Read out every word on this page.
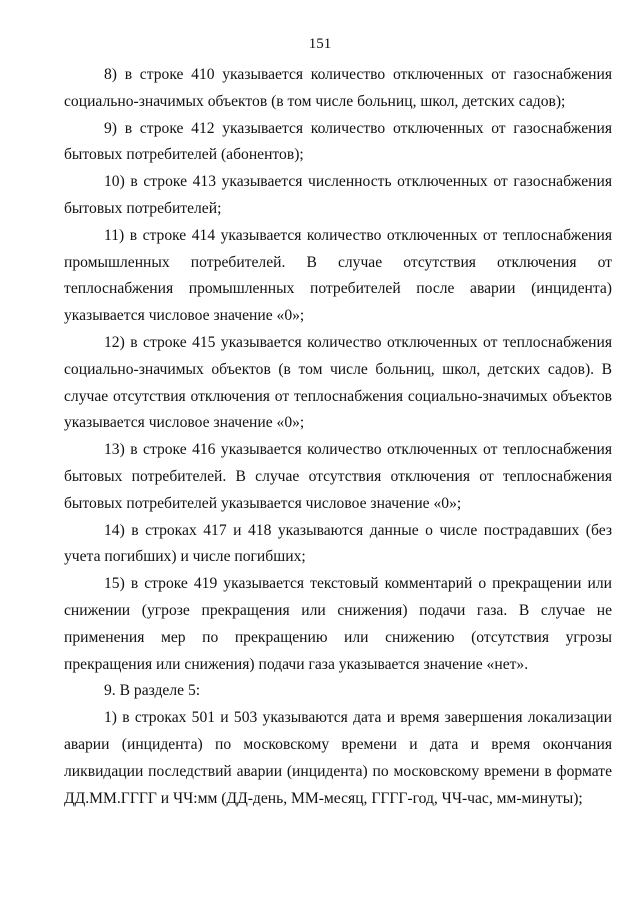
151

8) в строке 410 указывается количество отключенных от газоснабжения социально-значимых объектов (в том числе больниц, школ, детских садов);

9) в строке 412 указывается количество отключенных от газоснабжения бытовых потребителей (абонентов);

10) в строке 413 указывается численность отключенных от газоснабжения бытовых потребителей;

11) в строке 414 указывается количество отключенных от теплоснабжения промышленных потребителей. В случае отсутствия отключения от теплоснабжения промышленных потребителей после аварии (инцидента) указывается числовое значение «0»;

12) в строке 415 указывается количество отключенных от теплоснабжения социально-значимых объектов (в том числе больниц, школ, детских садов). В случае отсутствия отключения от теплоснабжения социально-значимых объектов указывается числовое значение «0»;

13) в строке 416 указывается количество отключенных от теплоснабжения бытовых потребителей. В случае отсутствия отключения от теплоснабжения бытовых потребителей указывается числовое значение «0»;

14) в строках 417 и 418 указываются данные о числе пострадавших (без учета погибших) и числе погибших;

15) в строке 419 указывается текстовый комментарий о прекращении или снижении (угрозе прекращения или снижения) подачи газа. В случае не применения мер по прекращению или снижению (отсутствия угрозы прекращения или снижения) подачи газа указывается значение «нет».

9. В разделе 5:

1) в строках 501 и 503 указываются дата и время завершения локализации аварии (инцидента) по московскому времени и дата и время окончания ликвидации последствий аварии (инцидента) по московскому времени в формате ДД.ММ.ГГГГ и ЧЧ:мм (ДД-день, ММ-месяц, ГГГГ-год, ЧЧ-час, мм-минуты);
